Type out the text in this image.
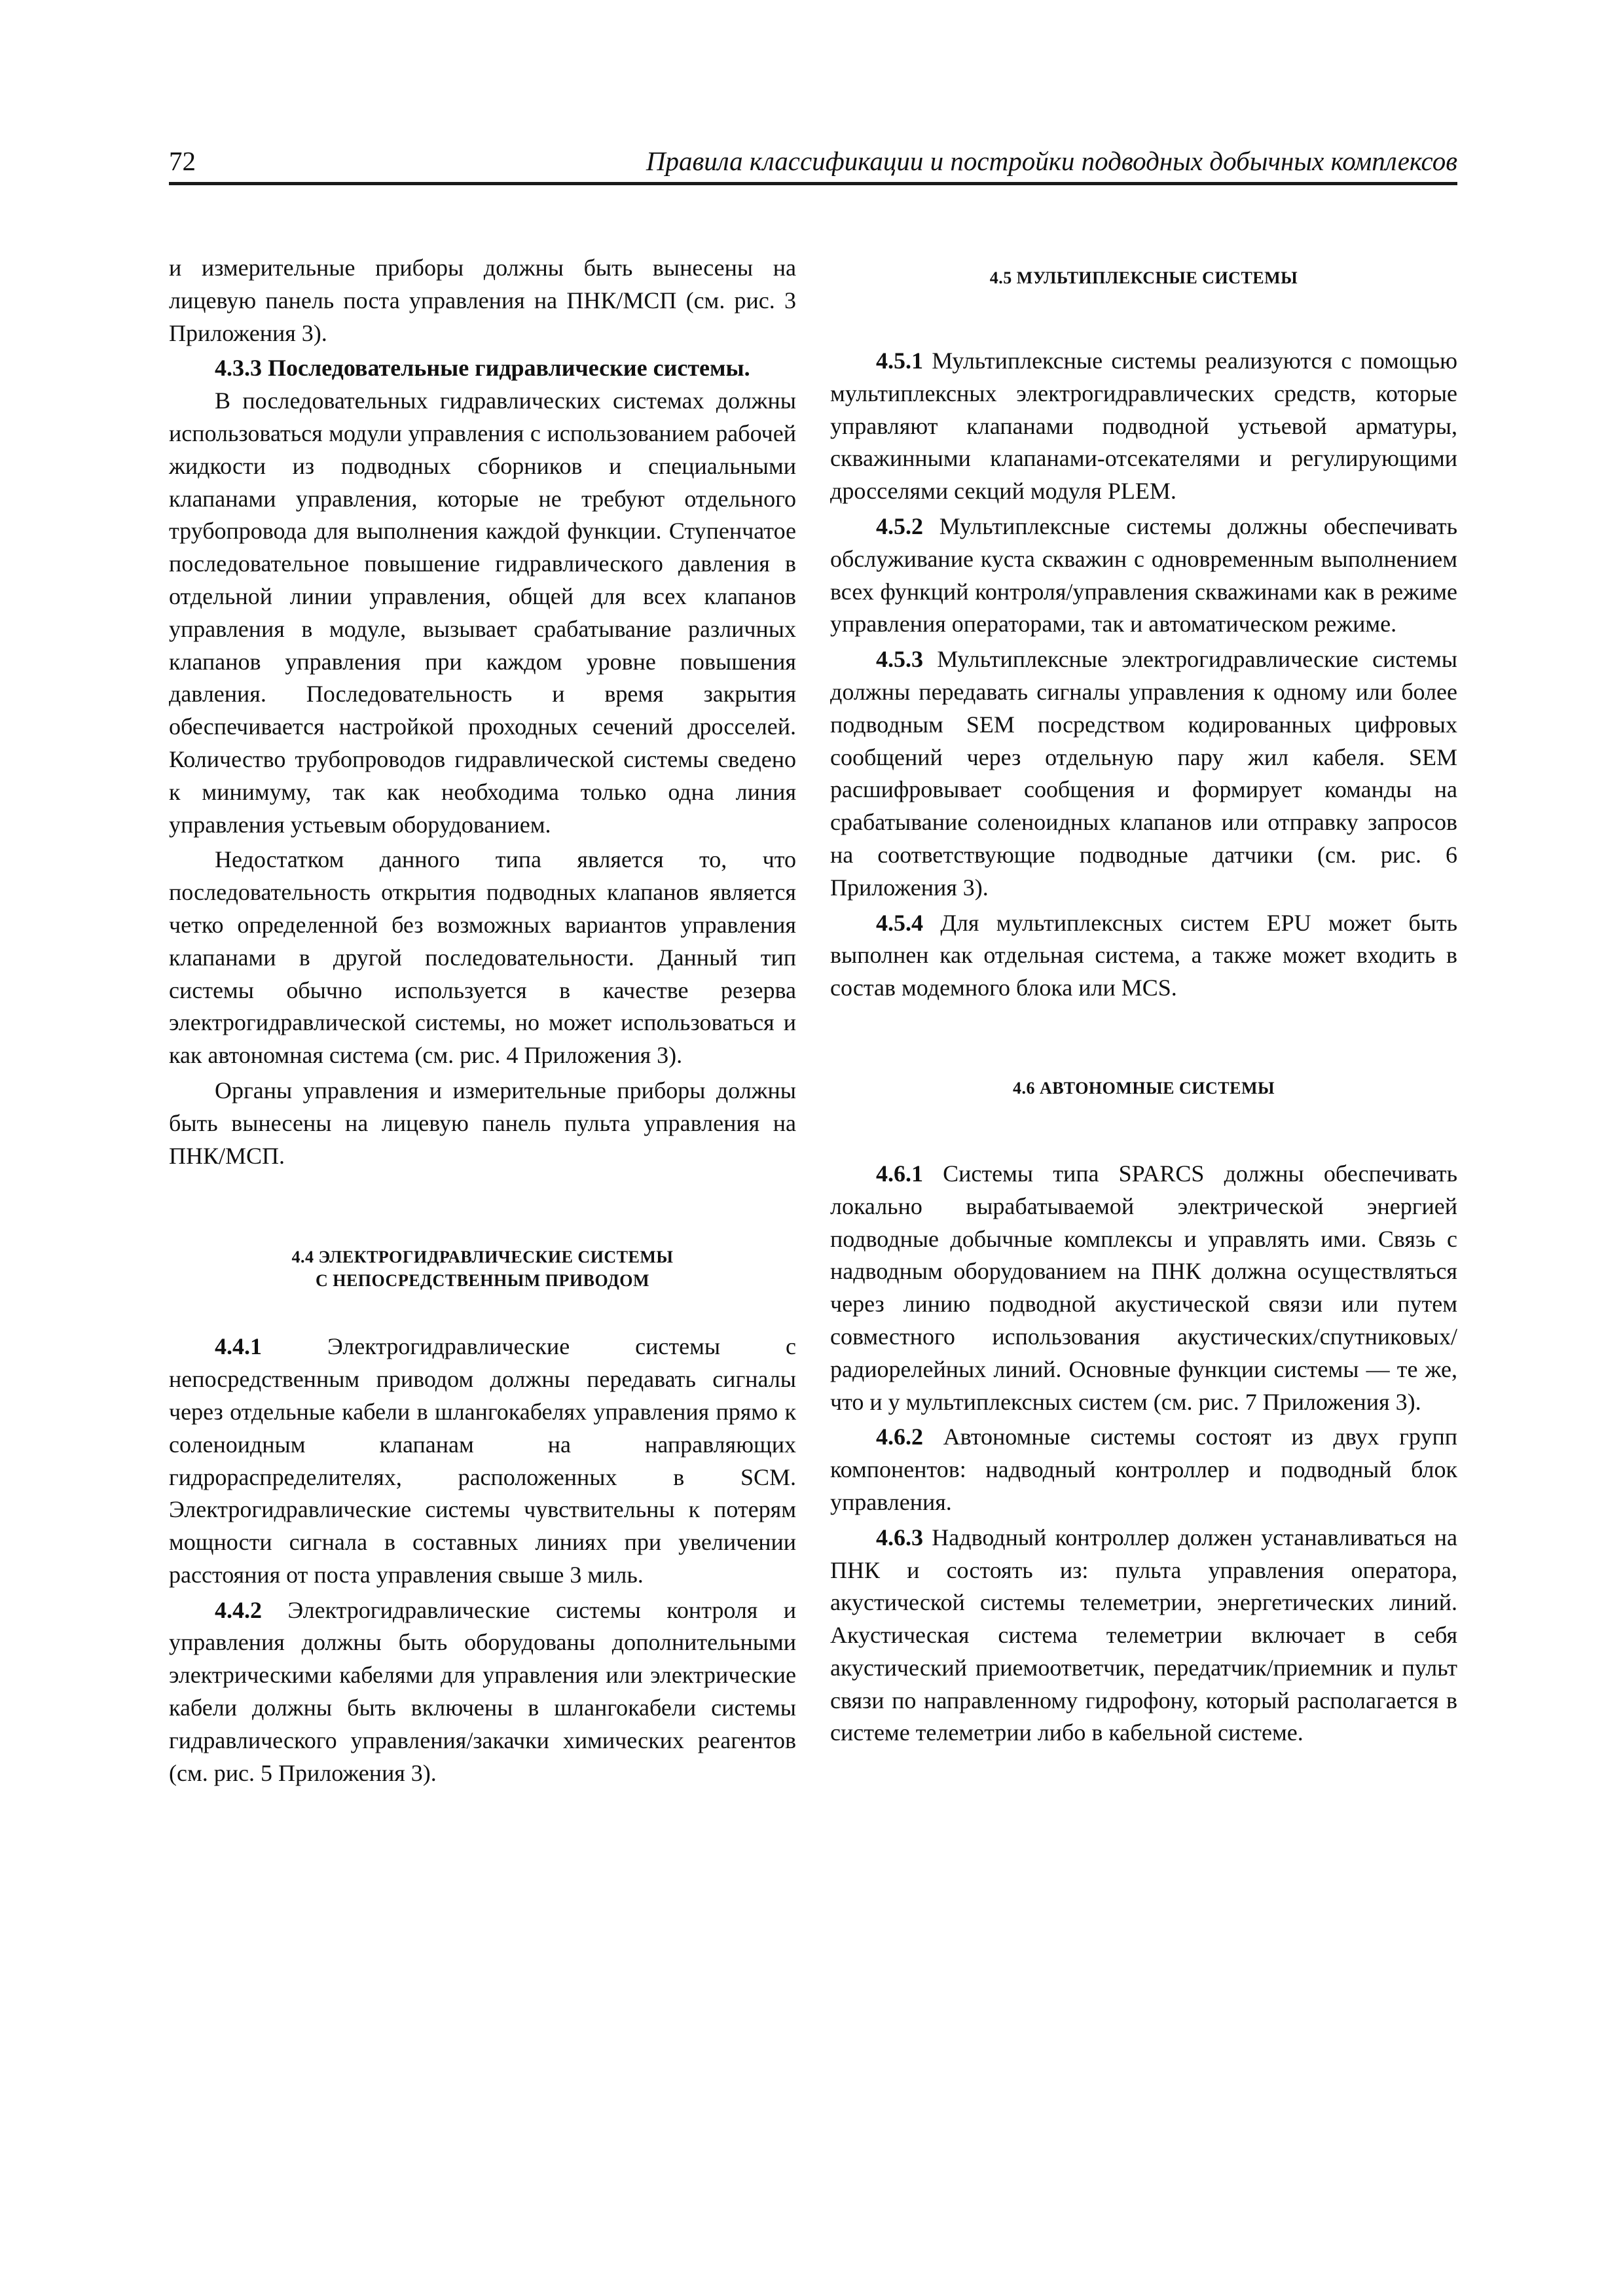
72	Правила классификации и постройки подводных добычных комплексов

и измерительные приборы должны быть вынесены на лицевую панель поста управления на ПНК/МСП (см. рис. 3 Приложения 3).

4.3.3 Последовательные гидравлические системы.

В последовательных гидравлических системах должны использоваться модули управления с использованием рабочей жидкости из подводных сборников и специальными клапанами управления, которые не требуют отдельного трубопровода для выполнения каждой функции. Ступенчатое последовательное повышение гидравлического давления в отдельной линии управления, общей для всех клапанов управления в модуле, вызывает срабатывание различных клапанов управления при каждом уровне повышения давления. Последовательность и время закрытия обеспечивается настройкой проходных сечений дросселей. Количество трубопроводов гидравлической системы сведено к минимуму, так как необходима только одна линия управления устьевым оборудованием.

Недостатком данного типа является то, что последовательность открытия подводных клапанов является четко определенной без возможных вариантов управления клапанами в другой последовательности. Данный тип системы обычно используется в качестве резерва электрогидравлической системы, но может использоваться и как автономная система (см. рис. 4 Приложения 3).

Органы управления и измерительные приборы должны быть вынесены на лицевую панель пульта управления на ПНК/МСП.

4.4 ЭЛЕКТРОГИДРАВЛИЧЕСКИЕ СИСТЕМЫ
С НЕПОСРЕДСТВЕННЫМ ПРИВОДОМ

4.4.1	Электрогидравлические системы с непосредственным приводом должны передавать сигналы через отдельные кабели в шлангокабелях управления прямо к соленоидным клапанам на направляющих гидрораспределителях, расположенных в SCM. Электрогидравлические системы чувствительны к потерям мощности сигнала в составных линиях при увеличении расстояния от поста управления свыше 3 миль.

4.4.2 Электрогидравлические системы контроля и управления должны быть оборудованы дополнительными электрическими кабелями для управления или электрические кабели должны быть включены в шлангокабели системы гидравлического управления/закачки химических реагентов (см. рис. 5 Приложения 3).

4.5 МУЛЬТИПЛЕКСНЫЕ СИСТЕМЫ

4.5.1 Мультиплексные системы реализуются с помощью мультиплексных электрогидравлических средств, которые управляют клапанами подводной устьевой арматуры, скважинными клапанами-отсекателями и регулирующими дросселями секций модуля PLEM.

4.5.2 Мультиплексные системы должны обеспечивать обслуживание куста скважин с одновременным выполнением всех функций контроля/управления скважинами как в режиме управления операторами, так и автоматическом режиме.

4.5.3 Мультиплексные электрогидравлические системы должны передавать сигналы управления к одному или более подводным SEM посредством кодированных цифровых сообщений через отдельную пару жил кабеля. SEM расшифровывает сообщения и формирует команды на срабатывание соленоидных клапанов или отправку запросов на соответствующие подводные датчики (см. рис. 6 Приложения 3).

4.5.4 Для мультиплексных систем EPU может быть выполнен как отдельная система, а также может входить в состав модемного блока или MCS.

4.6 АВТОНОМНЫЕ СИСТЕМЫ

4.6.1 Системы типа SPARCS должны обеспечивать локально вырабатываемой электрической энергией подводные добычные комплексы и управлять ими. Связь с надводным оборудованием на ПНК должна осуществляться через линию подводной акустической связи или путем совместного использования акустических/спутниковых/радиорелейных линий. Основные функции системы — те же, что и у мультиплексных систем (см. рис. 7 Приложения 3).

4.6.2 Автономные системы состоят из двух групп компонентов: надводный контроллер и подводный блок управления.

4.6.3 Надводный контроллер должен устанавливаться на ПНК и состоять из: пульта управления оператора, акустической системы телеметрии, энергетических линий. Акустическая система телеметрии включает в себя акустический приемоответчик, передатчик/приемник и пульт связи по направленному гидрофону, который располагается в системе телеметрии либо в кабельной системе.
